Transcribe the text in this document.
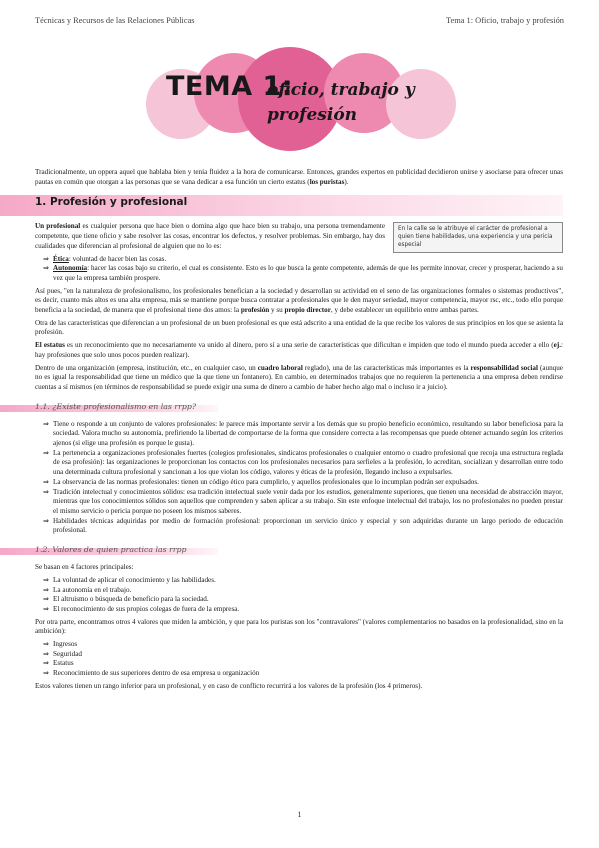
Técnicas y Recursos de las Relaciones Públicas	Tema 1: Oficio, trabajo y profesión
TEMA 1:
oficio, trabajo y
profesión

Tradicionalmente, un oppera aquel que hablaba bien y tenía fluidez a la hora de comunicarse. Entonces, grandes expertos en publicidad decidieron unirse y asociarse para ofrecer unas pautas en común que otorgan a las personas que se vana dedicar a esa función un cierto estatus (los puristas).

1. Profesión y profesional
En la calle se le atribuye el carácter de profesional a quien tiene habilidades, una experiencia y una pericia especial

Un profesional es cualquier persona que hace bien o domina algo que hace bien su trabajo, una persona tremendamente competente, que tiene oficio y sabe resolver las cosas, encontrar los defectos, y resolver problemas. Sin embargo, hay dos cualidades que diferencian al profesional de alguien que no lo es:

⇒ Ética: voluntad de hacer bien las cosas.
⇒ Autonomía: hacer las cosas bajo su criterio, el cual es consistente. Esto es lo que busca la gente competente, además de que les permite innovar, crecer y prosperar, haciendo a su vez que la empresa también prospere.

Así pues, "en la naturaleza de profesionalismo, los profesionales benefician a la sociedad y desarrollan su actividad en el seno de las organizaciones formales o sistemas productivos", es decir, cuanto más altos es una alta empresa, más se mantiene porque busca contratar a profesionales que le den mayor seriedad, mayor competencia, mayor rsc, etc., todo ello porque beneficia a la sociedad, de manera que el profesional tiene dos amos: la profesión y su propio director, y debe establecer un equilibrio entre ambas partes.

Otra de las características que diferencian a un profesional de un buen profesional es que está adscrito a una entidad de la que recibe los valores de sus principios en los que se asienta la profesión.

El estatus es un reconocimiento que no necesariamente va unido al dinero, pero sí a una serie de características que dificultan e impiden que todo el mundo pueda acceder a ello (ej.: hay profesiones que solo unos pocos pueden realizar).

Dentro de una organización (empresa, institución, etc., en cualquier caso, un cuadro laboral reglado), una de las características más importantes es la responsabilidad social (aunque no es igual la responsabilidad que tiene un médico que la que tiene un fontanero). En cambio, en determinados trabajos que no requieren la pertenencia a una empresa deben rendirse cuentas a sí mismos (en términos de responsabilidad se puede exigir una suma de dinero a cambio de haber hecho algo mal o incluso ir a juicio).

1.1. ¿Existe profesionalismo en las rrpp?
⇒ Tiene o responde a un conjunto de valores profesionales: le parece más importante servir a los demás que su propio beneficio económico, resultando su labor beneficiosa para la sociedad. Valora mucho su autonomía, prefiriendo la libertad de comportarse de la forma que considere correcta a las recompensas que puede obtener actuando según los criterios ajenos (si elige una profesión es porque le gusta).
⇒ La pertenencia a organizaciones profesionales fuertes (colegios profesionales, sindicatos profesionales o cualquier entorno o cuadro profesional que recoja una estructura reglada de esa profesión): las organizaciones le proporcionan los contactos con los profesionales necesarios para serfieles a la profesión, lo acreditan, socializan y desarrollan entre todo una determinada cultura profesional y sancionan a los que violan los código, valores y éticas de la profesión, llegando incluso a expulsarles.
⇒ La observancia de las normas profesionales: tienen un código ético para cumplirlo, y aquellos profesionales que lo incumplan podrán ser expulsados.
⇒ Tradición intelectual y conocimientos sólidos: esa tradición intelectual suele venir dada por los estudios, generalmente superiores, que tienen una necesidad de abstracción mayor, mientras que los conocimientos sólidos son aquellos que comprenden y saben aplicar a su trabajo. Sin este enfoque intelectual del trabajo, los no profesionales no pueden prestar el mismo servicio o pericia porque no poseen los mismos saberes.
⇒ Habilidades técnicas adquiridas por medio de formación profesional: proporcionan un servicio único y especial y son adquiridas durante un largo periodo de educación profesional.
1.2. Valores de quien practica las rrpp

Se basan en 4 factores principales:

⇒ La voluntad de aplicar el conocimiento y las habilidades.
⇒ La autonomía en el trabajo.
⇒ El altruismo o búsqueda de beneficio para la sociedad.
⇒ El reconocimiento de sus propios colegas de fuera de la empresa.

Por otra parte, encontramos otros 4 valores que miden la ambición, y que para los puristas son los "contravalores" (valores complementarios no basados en la profesionalidad, sino en la ambición):

⇒ Ingresos
⇒ Seguridad
⇒ Estatus
⇒ Reconocimiento de sus superiores dentro de esa empresa u organización

Estos valores tienen un rango inferior para un profesional, y en caso de conflicto recurrirá a los valores de la profesión (los 4 primeros).

1
